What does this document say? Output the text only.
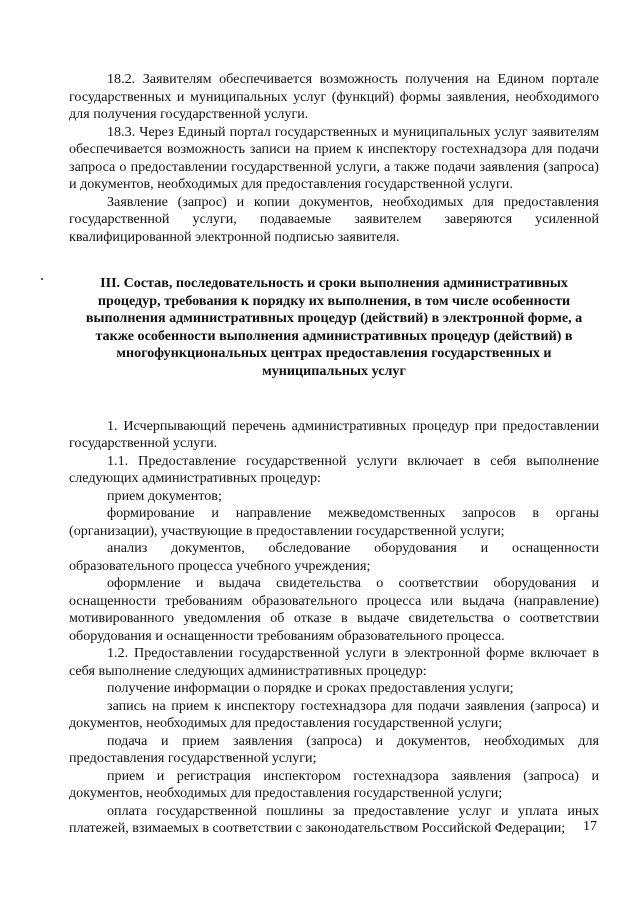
18.2. Заявителям обеспечивается возможность получения на Едином портале государственных и муниципальных услуг (функций) формы заявления, необходимого для получения государственной услуги.

18.3. Через Единый портал государственных и муниципальных услуг заявителям обеспечивается возможность записи на прием к инспектору гостехнадзора для подачи запроса о предоставлении государственной услуги, а также подачи заявления (запроса) и документов, необходимых для предоставления государственной услуги.

Заявление (запрос) и копии документов, необходимых для предоставления государственной услуги, подаваемые заявителем заверяются усиленной квалифицированной электронной подписью заявителя.

III. Состав, последовательность и сроки выполнения административных процедур, требования к порядку их выполнения, в том числе особенности выполнения административных процедур (действий) в электронной форме, а также особенности выполнения административных процедур (действий) в многофункциональных центрах предоставления государственных и муниципальных услуг

1. Исчерпывающий перечень административных процедур при предоставлении государственной услуги.

1.1. Предоставление государственной услуги включает в себя выполнение следующих административных процедур:

прием документов;

формирование и направление межведомственных запросов в органы (организации), участвующие в предоставлении государственной услуги;

анализ документов, обследование оборудования и оснащенности образовательного процесса учебного учреждения;

оформление и выдача свидетельства о соответствии оборудования и оснащенности требованиям образовательного процесса или выдача (направление) мотивированного уведомления об отказе в выдаче свидетельства о соответствии оборудования и оснащенности требованиям образовательного процесса.

1.2. Предоставлении государственной услуги в электронной форме включает в себя выполнение следующих административных процедур:

получение информации о порядке и сроках предоставления услуги;

запись на прием к инспектору гостехнадзора для подачи заявления (запроса) и документов, необходимых для предоставления государственной услуги;

подача и прием заявления (запроса) и документов, необходимых для предоставления государственной услуги;

прием и регистрация инспектором гостехнадзора заявления (запроса) и документов, необходимых для предоставления государственной услуги;

оплата государственной пошлины за предоставление услуг и уплата иных платежей, взимаемых в соответствии с законодательством Российской Федерации;	17
